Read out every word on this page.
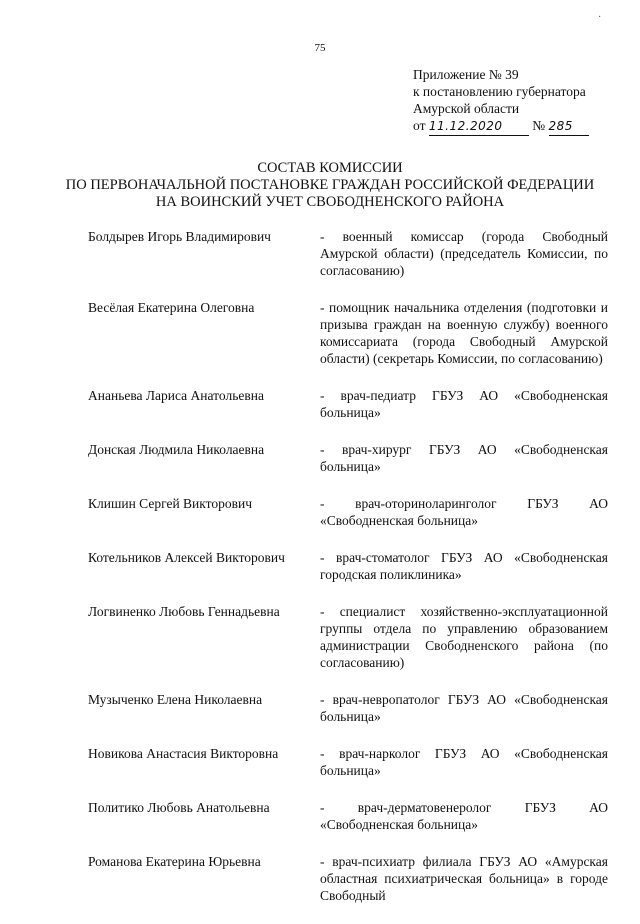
·
75
Приложение № 39
к постановлению губернатора
Амурской области
от 11.12.2020 № 285
СОСТАВ КОМИССИИ
ПО ПЕРВОНАЧАЛЬНОЙ ПОСТАНОВКЕ ГРАЖДАН РОССИЙСКОЙ ФЕДЕРАЦИИ
НА ВОИНСКИЙ УЧЕТ СВОБОДНЕНСКОГО РАЙОНА
Болдырев Игорь Владимирович	- военный комиссар (города Свободный Амурской области) (председатель Комиссии, по согласованию)
Весёлая Екатерина Олеговна	- помощник начальника отделения (подготовки и призыва граждан на военную службу) военного комиссариата (города Свободный Амурской области) (секретарь Комиссии, по согласованию)
Ананьева Лариса Анатольевна	- врач-педиатр ГБУЗ АО «Свободненская больница»
Донская Людмила Николаевна	- врач-хирург ГБУЗ АО «Свободненская больница»
Клишин Сергей Викторович	- врач-оториноларинголог ГБУЗ АО «Свободненская больница»
Котельников Алексей Викторович	- врач-стоматолог ГБУЗ АО «Свободненская городская поликлиника»
Логвиненко Любовь Геннадьевна	- специалист хозяйственно-эксплуатационной группы отдела по управлению образованием администрации Свободненского района (по согласованию)
Музыченко Елена Николаевна	- врач-невропатолог ГБУЗ АО «Свободненская больница»
Новикова Анастасия Викторовна	- врач-нарколог ГБУЗ АО «Свободненская больница»
Политико Любовь Анатольевна	- врач-дерматовенеролог ГБУЗ АО «Свободненская больница»
Романова Екатерина Юрьевна	- врач-психиатр филиала ГБУЗ АО «Амурская областная психиатрическая больница» в городе Свободный
